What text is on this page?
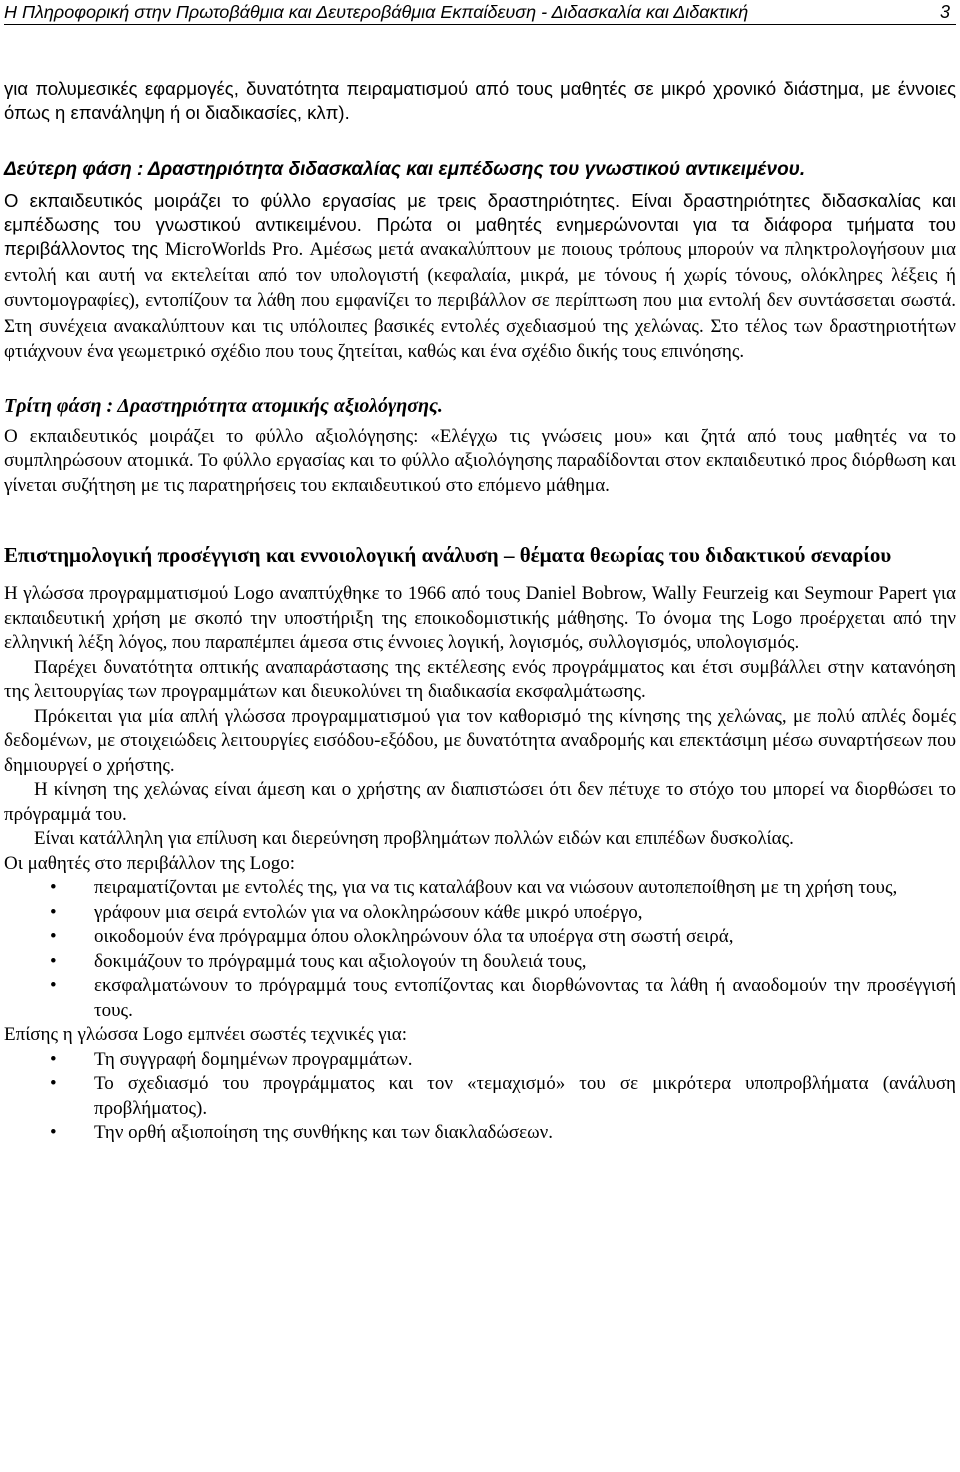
Η Πληροφορική στην Πρωτοβάθμια και Δευτεροβάθμια Εκπαίδευση - Διδασκαλία και Διδακτική	3

για πολυμεσικές εφαρμογές, δυνατότητα πειραματισμού από τους μαθητές σε μικρό χρονικό διάστημα, με έννοιες όπως η επανάληψη ή οι διαδικασίες, κλπ).

Δεύτερη φάση : Δραστηριότητα διδασκαλίας και εμπέδωσης του γνωστικού αντικειμένου.

Ο εκπαιδευτικός μοιράζει το φύλλο εργασίας με τρεις δραστηριότητες. Είναι δραστηριότητες διδασκαλίας και εμπέδωσης του γνωστικού αντικειμένου. Πρώτα οι μαθητές ενημερώνονται για τα διάφορα τμήματα του περιβάλλοντος της MicroWorlds Pro. Αμέσως μετά ανακαλύπτουν με ποιους τρόπους μπορούν να πληκτρολογήσουν μια εντολή και αυτή να εκτελείται από τον υπολογιστή (κεφαλαία, μικρά, με τόνους ή χωρίς τόνους, ολόκληρες λέξεις ή συντομογραφίες), εντοπίζουν τα λάθη που εμφανίζει το περιβάλλον σε περίπτωση που μια εντολή δεν συντάσσεται σωστά. Στη συνέχεια ανακαλύπτουν και τις υπόλοιπες βασικές εντολές σχεδιασμού της χελώνας. Στο τέλος των δραστηριοτήτων φτιάχνουν ένα γεωμετρικό σχέδιο που τους ζητείται, καθώς και ένα σχέδιο δικής τους επινόησης.

Τρίτη φάση : Δραστηριότητα ατομικής αξιολόγησης.

Ο εκπαιδευτικός μοιράζει το φύλλο αξιολόγησης: «Ελέγχω τις γνώσεις μου» και ζητά από τους μαθητές να το συμπληρώσουν ατομικά. Το φύλλο εργασίας και το φύλλο αξιολόγησης παραδίδονται στον εκπαιδευτικό προς διόρθωση και γίνεται συζήτηση με τις παρατηρήσεις του εκπαιδευτικού στο επόμενο μάθημα.

Επιστημολογική προσέγγιση και εννοιολογική ανάλυση – θέματα θεωρίας του διδακτικού σεναρίου

Η γλώσσα προγραμματισμού Logo αναπτύχθηκε το 1966 από τους Daniel Bobrow, Wally Feurzeig και Seymour Papert για εκπαιδευτική χρήση με σκοπό την υποστήριξη της εποικοδομιστικής μάθησης. Το όνομα της Logo προέρχεται από την ελληνική λέξη λόγος, που παραπέμπει άμεσα στις έννοιες λογική, λογισμός, συλλογισμός, υπολογισμός.

Παρέχει δυνατότητα οπτικής αναπαράστασης της εκτέλεσης ενός προγράμματος και έτσι συμβάλλει στην κατανόηση της λειτουργίας των προγραμμάτων και διευκολύνει τη διαδικασία εκσφαλμάτωσης.

Πρόκειται για μία απλή γλώσσα προγραμματισμού για τον καθορισμό της κίνησης της χελώνας, με πολύ απλές δομές δεδομένων, με στοιχειώδεις λειτουργίες εισόδου-εξόδου, με δυνατότητα αναδρομής και επεκτάσιμη μέσω συναρτήσεων που δημιουργεί ο χρήστης.

Η κίνηση της χελώνας είναι άμεση και ο χρήστης αν διαπιστώσει ότι δεν πέτυχε το στόχο του μπορεί να διορθώσει το πρόγραμμά του.

Είναι κατάλληλη για επίλυση και διερεύνηση προβλημάτων πολλών ειδών και επιπέδων δυσκολίας.

Οι μαθητές στο περιβάλλον της Logo:

• πειραματίζονται με εντολές της, για να τις καταλάβουν και να νιώσουν αυτοπεποίθηση με τη χρήση τους,
• γράφουν μια σειρά εντολών για να ολοκληρώσουν κάθε μικρό υποέργο,
• οικοδομούν ένα πρόγραμμα όπου ολοκληρώνουν όλα τα υποέργα στη σωστή σειρά,
• δοκιμάζουν το πρόγραμμά τους και αξιολογούν τη δουλειά τους,
• εκσφαλματώνουν το πρόγραμμά τους εντοπίζοντας και διορθώνοντας τα λάθη ή αναοδομούν την προσέγγισή τους.

Επίσης η γλώσσα Logo εμπνέει σωστές τεχνικές για:

• Τη συγγραφή δομημένων προγραμμάτων.
• Το σχεδιασμό του προγράμματος και τον «τεμαχισμό» του σε μικρότερα υποπροβλήματα (ανάλυση προβλήματος).
• Την ορθή αξιοποίηση της συνθήκης και των διακλαδώσεων.
